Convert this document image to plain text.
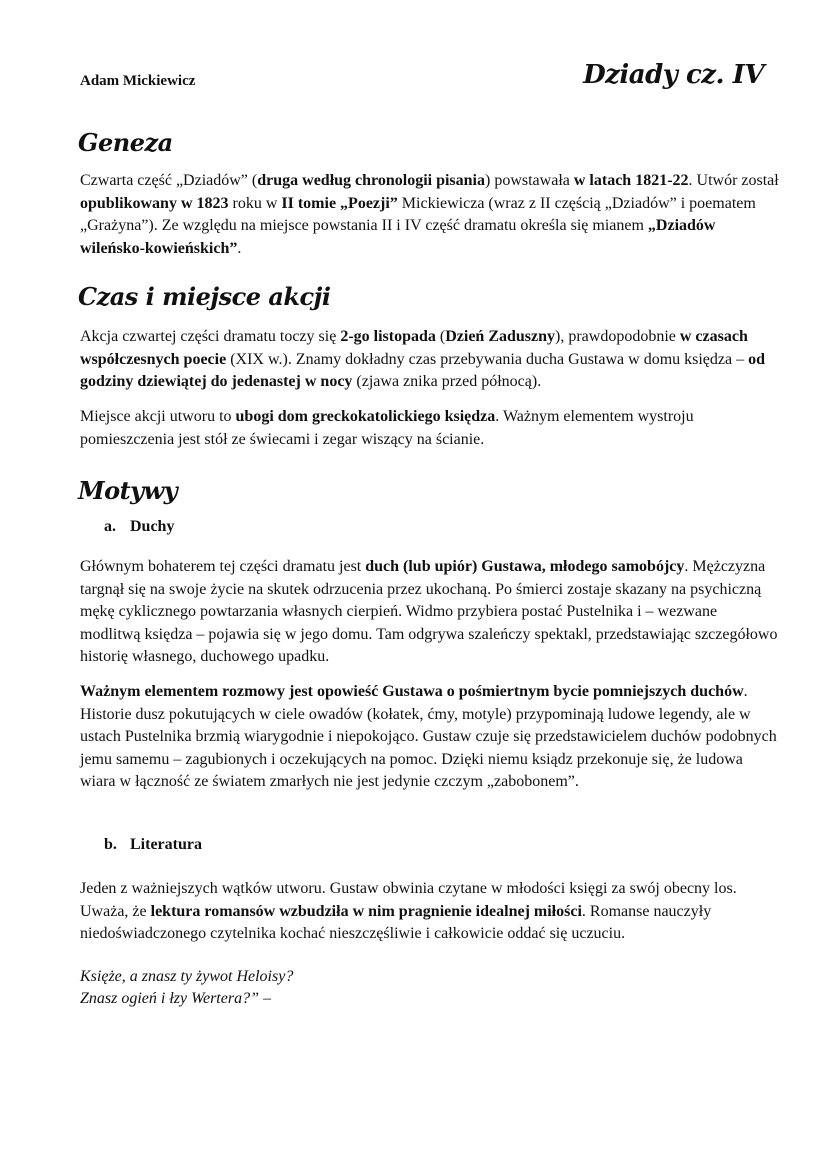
Adam Mickiewicz	Dziady cz. IV
Geneza

Czwarta część „Dziadów” (druga według chronologii pisania) powstawała w latach 1821-22. Utwór został opublikowany w 1823 roku w II tomie „Poezji” Mickiewicza (wraz z II częścią „Dziadów” i poematem „Grażyna”). Ze względu na miejsce powstania II i IV część dramatu określa się mianem „Dziadów wileńsko-kowieńskich”.

Czas i miejsce akcji

Akcja czwartej części dramatu toczy się 2-go listopada (Dzień Zaduszny), prawdopodobnie w czasach współczesnych poecie (XIX w.). Znamy dokładny czas przebywania ducha Gustawa w domu księdza – od godziny dziewiątej do jedenastej w nocy (zjawa znika przed północą).

Miejsce akcji utworu to ubogi dom greckokatolickiego księdza. Ważnym elementem wystroju pomieszczenia jest stół ze świecami i zegar wiszący na ścianie.

Motywy
a. Duchy

Głównym bohaterem tej części dramatu jest duch (lub upiór) Gustawa, młodego samobójcy. Mężczyzna targnął się na swoje życie na skutek odrzucenia przez ukochaną. Po śmierci zostaje skazany na psychiczną mękę cyklicznego powtarzania własnych cierpień. Widmo przybiera postać Pustelnika i – wezwane modlitwą księdza – pojawia się w jego domu. Tam odgrywa szaleńczy spektakl, przedstawiając szczegółowo historię własnego, duchowego upadku.

Ważnym elementem rozmowy jest opowieść Gustawa o pośmiertnym bycie pomniejszych duchów. Historie dusz pokutujących w ciele owadów (kołatek, ćmy, motyle) przypominają ludowe legendy, ale w ustach Pustelnika brzmią wiarygodnie i niepokojąco. Gustaw czuje się przedstawicielem duchów podobnych jemu samemu – zagubionych i oczekujących na pomoc. Dzięki niemu ksiądz przekonuje się, że ludowa wiara w łączność ze światem zmarłych nie jest jedynie czczym „zabobonem”.

b. Literatura

Jeden z ważniejszych wątków utworu. Gustaw obwinia czytane w młodości księgi za swój obecny los. Uważa, że lektura romansów wzbudziła w nim pragnienie idealnej miłości. Romanse nauczyły niedoświadczonego czytelnika kochać nieszczęśliwie i całkowicie oddać się uczuciu.

Księże, a znasz ty żywot Heloisy?
Znasz ogień i łzy Wertera?” –
